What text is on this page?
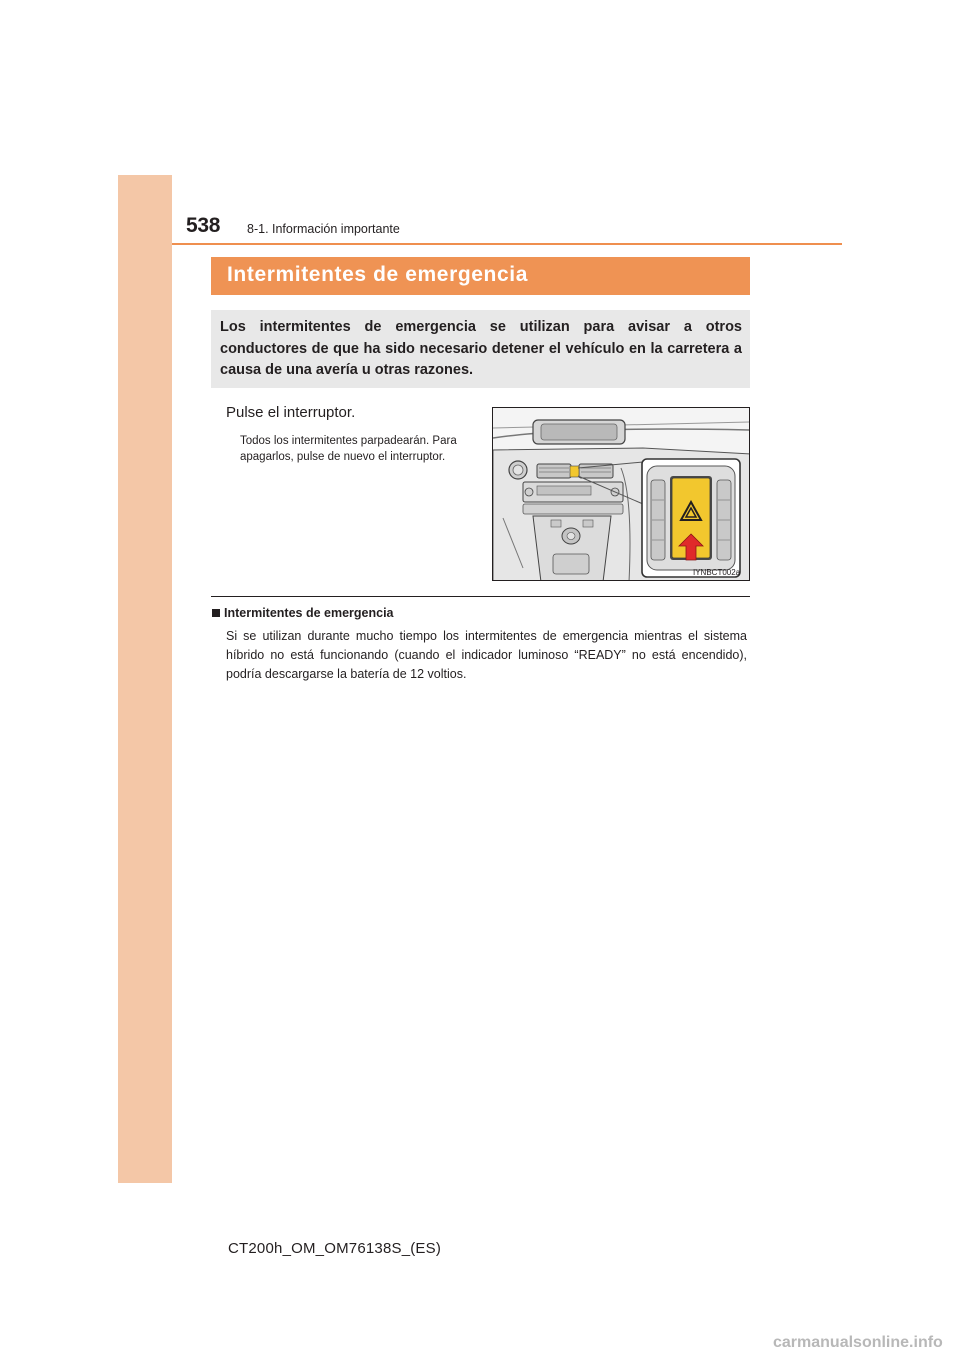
538 8-1. Información importante
Intermitentes de emergencia
Los intermitentes de emergencia se utilizan para avisar a otros conductores de que ha sido necesario detener el vehículo en la carretera a causa de una avería u otras razones.
Pulse el interruptor.
Todos los intermitentes parpadearán. Para apagarlos, pulse de nuevo el interruptor.
IYNBCT002a
Intermitentes de emergencia
Si se utilizan durante mucho tiempo los intermitentes de emergencia mientras el sistema híbrido no está funcionando (cuando el indicador luminoso “READY” no está encendido), podría descargarse la batería de 12 voltios.
CT200h_OM_OM76138S_(ES)
carmanualsonline.info
